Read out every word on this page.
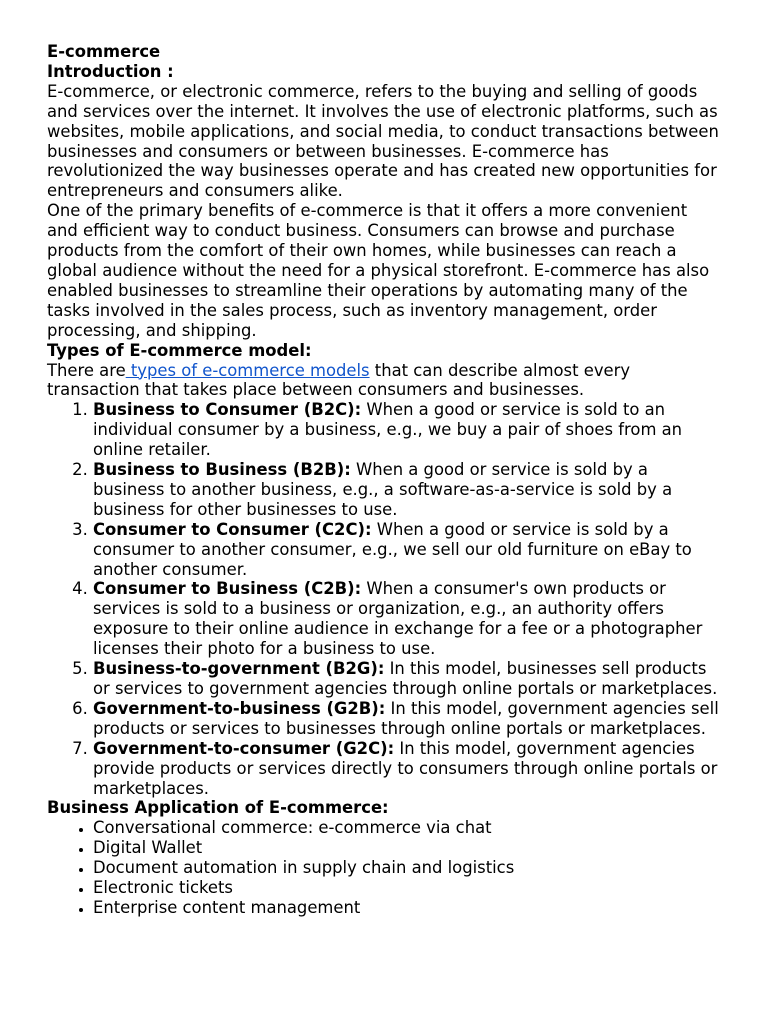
E-commerce
Introduction :

E-commerce, or electronic commerce, refers to the buying and selling of goods and services over the internet. It involves the use of electronic platforms, such as websites, mobile applications, and social media, to conduct transactions between businesses and consumers or between businesses. E-commerce has revolutionized the way businesses operate and has created new opportunities for entrepreneurs and consumers alike.

One of the primary benefits of e-commerce is that it offers a more convenient and efficient way to conduct business. Consumers can browse and purchase products from the comfort of their own homes, while businesses can reach a global audience without the need for a physical storefront. E-commerce has also enabled businesses to streamline their operations by automating many of the tasks involved in the sales process, such as inventory management, order processing, and shipping.

Types of E-commerce model:

There are types of e-commerce models that can describe almost every transaction that takes place between consumers and businesses.

1. Business to Consumer (B2C): When a good or service is sold to an individual consumer by a business, e.g., we buy a pair of shoes from an online retailer.
2. Business to Business (B2B): When a good or service is sold by a business to another business, e.g., a software-as-a-service is sold by a business for other businesses to use.
3. Consumer to Consumer (C2C): When a good or service is sold by a consumer to another consumer, e.g., we sell our old furniture on eBay to another consumer.
4. Consumer to Business (C2B): When a consumer's own products or services is sold to a business or organization, e.g., an authority offers exposure to their online audience in exchange for a fee or a photographer licenses their photo for a business to use.
5. Business-to-government (B2G): In this model, businesses sell products or services to government agencies through online portals or marketplaces.
6. Government-to-business (G2B): In this model, government agencies sell products or services to businesses through online portals or marketplaces.
7. Government-to-consumer (G2C): In this model, government agencies provide products or services directly to consumers through online portals or marketplaces.
Business Application of E-commerce:
• Conversational commerce: e-commerce via chat
• Digital Wallet
• Document automation in supply chain and logistics
• Electronic tickets
• Enterprise content management
